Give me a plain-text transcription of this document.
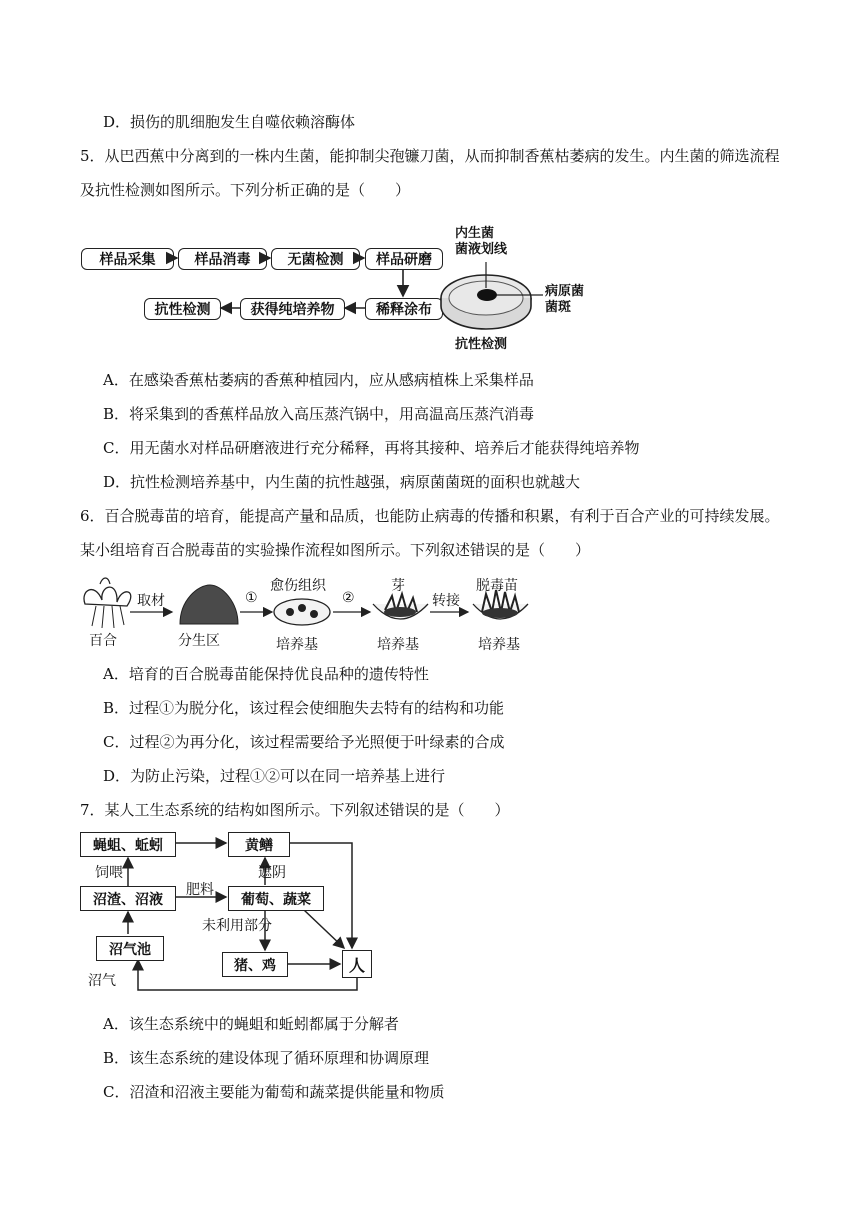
D．损伤的肌细胞发生自噬依赖溶酶体
5．从巴西蕉中分离到的一株内生菌，能抑制尖孢镰刀菌，从而抑制香蕉枯萎病的发生。内生菌的筛选流程
及抗性检测如图所示。下列分析正确的是（　　）
样品采集	样品消毒	无菌检测	样品研磨
稀释涂布
获得纯培养物
抗性检测
内生菌
菌液划线
病原菌
菌斑
抗性检测
A．在感染香蕉枯萎病的香蕉种植园内，应从感病植株上采集样品
B．将采集到的香蕉样品放入高压蒸汽锅中，用高温高压蒸汽消毒
C．用无菌水对样品研磨液进行充分稀释，再将其接种、培养后才能获得纯培养物
D．抗性检测培养基中，内生菌的抗性越强，病原菌菌斑的面积也就越大
6．百合脱毒苗的培育，能提高产量和品质，也能防止病毒的传播和积累，有利于百合产业的可持续发展。
某小组培育百合脱毒苗的实验操作流程如图所示。下列叙述错误的是（　　）
百合
取材
分生区
①
愈伤组织
培养基
②
芽
培养基
转接
脱毒苗
培养基
A．培育的百合脱毒苗能保持优良品种的遗传特性
B．过程①为脱分化，该过程会使细胞失去特有的结构和功能
C．过程②为再分化，该过程需要给予光照便于叶绿素的合成
D．为防止污染，过程①②可以在同一培养基上进行
7．某人工生态系统的结构如图所示。下列叙述错误的是（　　）
蝇蛆、蚯蚓	黄鳝
沼渣、沼液	葡萄、蔬菜
沼气池
猪、鸡	人
饲喂	遮阴
肥料
未利用部分
沼气
A．该生态系统中的蝇蛆和蚯蚓都属于分解者
B．该生态系统的建设体现了循环原理和协调原理
C．沼渣和沼液主要能为葡萄和蔬菜提供能量和物质
